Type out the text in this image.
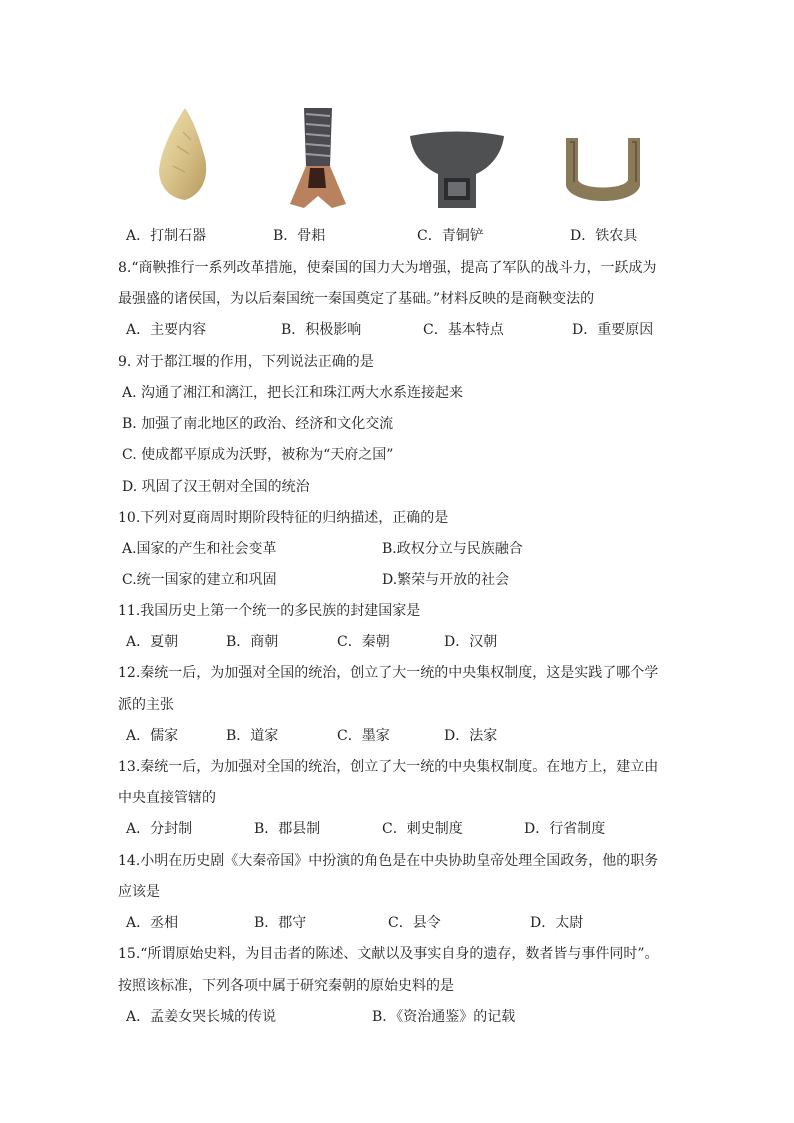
A．打制石器	B．骨耜	C．青铜铲	D．铁农具
8.“商鞅推行一系列改革措施，使秦国的国力大为增强，提高了军队的战斗力，一跃成为
最强盛的诸侯国，为以后秦国统一秦国奠定了基础。”材料反映的是商鞅变法的
A．主要内容	B．积极影响	C．基本特点	D．重要原因
9. 对于都江堰的作用，下列说法正确的是
A. 沟通了湘江和漓江，把长江和珠江两大水系连接起来
B. 加强了南北地区的政治、经济和文化交流
C. 使成都平原成为沃野，被称为“天府之国”
D. 巩固了汉王朝对全国的统治
10.下列对夏商周时期阶段特征的归纳描述，正确的是
A.国家的产生和社会变革	B.政权分立与民族融合
C.统一国家的建立和巩固	D.繁荣与开放的社会
11.我国历史上第一个统一的多民族的封建国家是
A．夏朝	B．商朝	C．秦朝	D．汉朝
12.秦统一后，为加强对全国的统治，创立了大一统的中央集权制度，这是实践了哪个学
派的主张
A．儒家	B．道家	C．墨家	D．法家
13.秦统一后，为加强对全国的统治，创立了大一统的中央集权制度。在地方上，建立由
中央直接管辖的
A．分封制	B．郡县制	C．刺史制度	D．行省制度
14.小明在历史剧《大秦帝国》中扮演的角色是在中央协助皇帝处理全国政务，他的职务
应该是
A．丞相	B．郡守	C．县令	D．太尉
15.“所谓原始史料，为目击者的陈述、文献以及事实自身的遗存，数者皆与事件同时”。
按照该标准，下列各项中属于研究秦朝的原始史料的是
A．孟姜女哭长城的传说	B．《资治通鉴》的记载
